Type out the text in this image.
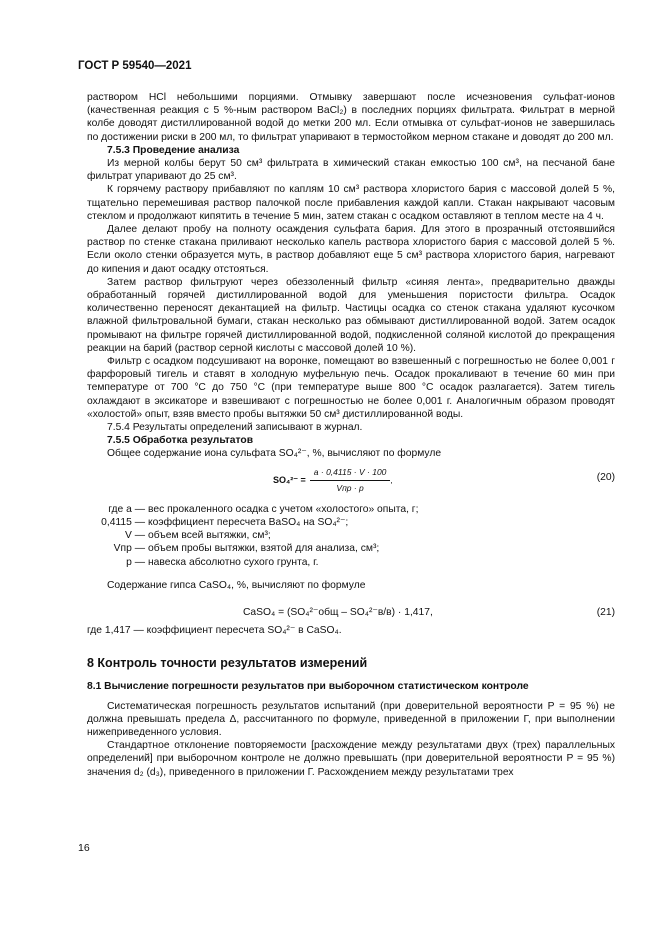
ГОСТ Р 59540—2021

раствором HCl небольшими порциями. Отмывку завершают после исчезновения сульфат-ионов (качественная реакция с 5 %-ным раствором BaCl₂) в последних порциях фильтрата. Фильтрат в мерной колбе доводят дистиллированной водой до метки 200 мл. Если отмывка от сульфат-ионов не завершилась по достижении риски в 200 мл, то фильтрат упаривают в термостойком мерном стакане и доводят до 200 мл.

7.5.3 Проведение анализа

Из мерной колбы берут 50 см³ фильтрата в химический стакан емкостью 100 см³, на песчаной бане фильтрат упаривают до 25 см³.

К горячему раствору прибавляют по каплям 10 см³ раствора хлористого бария с массовой долей 5 %, тщательно перемешивая раствор палочкой после прибавления каждой капли. Стакан накрывают часовым стеклом и продолжают кипятить в течение 5 мин, затем стакан с осадком оставляют в теплом месте на 4 ч.

Далее делают пробу на полноту осаждения сульфата бария. Для этого в прозрачный отстоявшийся раствор по стенке стакана приливают несколько капель раствора хлористого бария с массовой долей 5 %. Если около стенки образуется муть, в раствор добавляют еще 5 см³ раствора хлористого бария, нагревают до кипения и дают осадку отстояться.

Затем раствор фильтруют через обеззоленный фильтр «синяя лента», предварительно дважды обработанный горячей дистиллированной водой для уменьшения пористости фильтра. Осадок количественно переносят декантацией на фильтр. Частицы осадка со стенок стакана удаляют кусочком влажной фильтровальной бумаги, стакан несколько раз обмывают дистиллированной водой. Затем осадок промывают на фильтре горячей дистиллированной водой, подкисленной соляной кислотой до прекращения реакции на барий (раствор серной кислоты с массовой долей 10 %).

Фильтр с осадком подсушивают на воронке, помещают во взвешенный с погрешностью не более 0,001 г фарфоровый тигель и ставят в холодную муфельную печь. Осадок прокаливают в течение 60 мин при температуре от 700 °С до 750 °С (при температуре выше 800 °С осадок разлагается). Затем тигель охлаждают в эксикаторе и взвешивают с погрешностью не более 0,001 г. Аналогичным образом проводят «холостой» опыт, взяв вместо пробы вытяжки 50 см³ дистиллированной воды.

7.5.4 Результаты определений записывают в журнал.

7.5.5 Обработка результатов

Общее содержание иона сульфата SO₄²⁻, %, вычисляют по формуле

$SO_4^{2-} = \frac{a \cdot 0,4115 \cdot V \cdot 100}{\text{Vпр · p}}$ ,	(20)
где a — вес прокаленного осадка с учетом «холостого» опыта, г;
0,4115 — коэффициент пересчета BaSO₄ на SO₄²⁻;
V — объем всей вытяжки, см³;
Vпр — объем пробы вытяжки, взятой для анализа, см³;
p — навеска абсолютно сухого грунта, г.

Содержание гипса CaSO₄, %, вычисляют по формуле

CaSO₄ = (SO₄²⁻общ – SO₄²⁻в/в) · 1,417,	(21)

где 1,417 — коэффициент пересчета SO₄²⁻ в CaSO₄.

8 Контроль точности результатов измерений

8.1 Вычисление погрешности результатов при выборочном статистическом контроле

Систематическая погрешность результатов испытаний (при доверительной вероятности P = 95 %) не должна превышать предела Δ, рассчитанного по формуле, приведенной в приложении Г, при выполнении нижеприведенного условия.

Стандартное отклонение повторяемости [расхождение между результатами двух (трех) параллельных определений] при выборочном контроле не должно превышать (при доверительной вероятности P = 95 %) значения d₂ (d₃), приведенного в приложении Г. Расхождением между результатами трех

16
